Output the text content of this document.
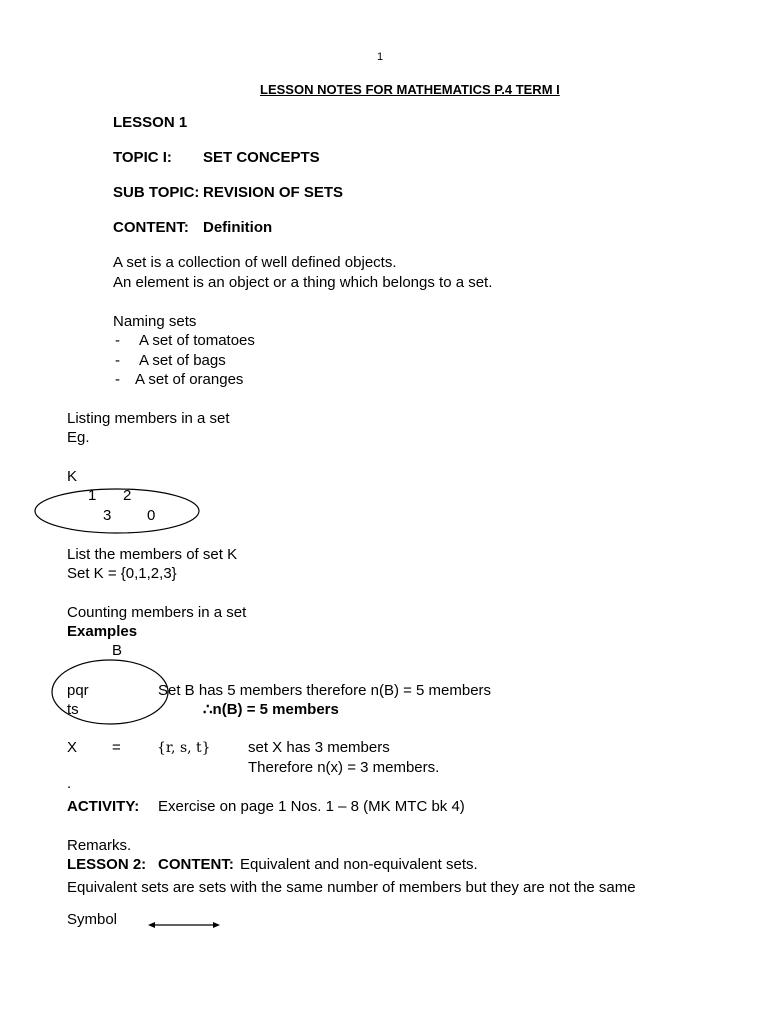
1
LESSON NOTES FOR MATHEMATICS P.4 TERM I
LESSON 1
TOPIC I: SET CONCEPTS
SUB TOPIC: REVISION OF SETS
CONTENT: Definition
A set is a collection of well defined objects.
An element is an object or a thing which belongs to a set.
Naming sets
- A set of tomatoes
- A set of bags
- A set of oranges
Listing members in a set
Eg.
K
1 2
3 0
List the members of set K
Set K = {0,1,2,3}
Counting members in a set
Examples
B
pqr
ts
Set B has 5 members therefore n(B) = 5 members
∴n(B) = 5 members
X =	{r, s, t} set X has 3 members
Therefore n(x) = 3 members.
.
ACTIVITY: Exercise on page 1 Nos. 1 – 8 (MK MTC bk 4)
Remarks.
LESSON 2: CONTENT: Equivalent and non-equivalent sets.
Equivalent sets are sets with the same number of members but they are not the same
Symbol
